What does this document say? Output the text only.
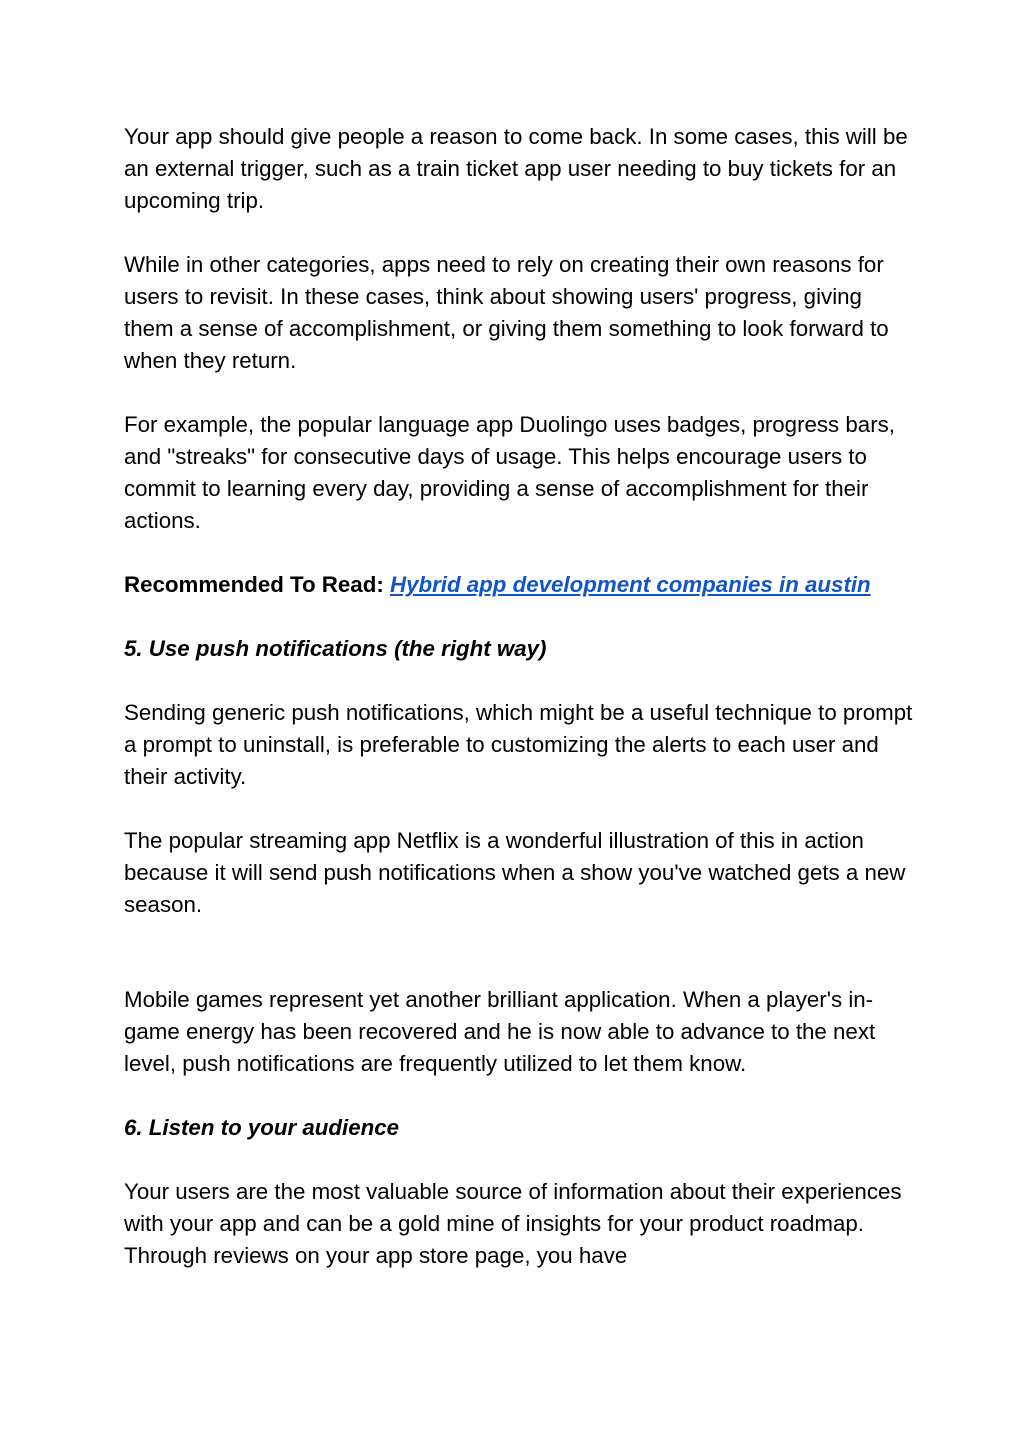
Your app should give people a reason to come back. In some cases, this will be an external trigger, such as a train ticket app user needing to buy tickets for an upcoming trip.

While in other categories, apps need to rely on creating their own reasons for users to revisit. In these cases, think about showing users' progress, giving them a sense of accomplishment, or giving them something to look forward to when they return.

For example, the popular language app Duolingo uses badges, progress bars, and "streaks" for consecutive days of usage. This helps encourage users to commit to learning every day, providing a sense of accomplishment for their actions.

Recommended To Read: Hybrid app development companies in austin

5. Use push notifications (the right way)

Sending generic push notifications, which might be a useful technique to prompt a prompt to uninstall, is preferable to customizing the alerts to each user and their activity.

The popular streaming app Netflix is a wonderful illustration of this in action because it will send push notifications when a show you've watched gets a new season.

Mobile games represent yet another brilliant application. When a player's in-game energy has been recovered and he is now able to advance to the next level, push notifications are frequently utilized to let them know.

6. Listen to your audience

Your users are the most valuable source of information about their experiences with your app and can be a gold mine of insights for your product roadmap. Through reviews on your app store page, you have
